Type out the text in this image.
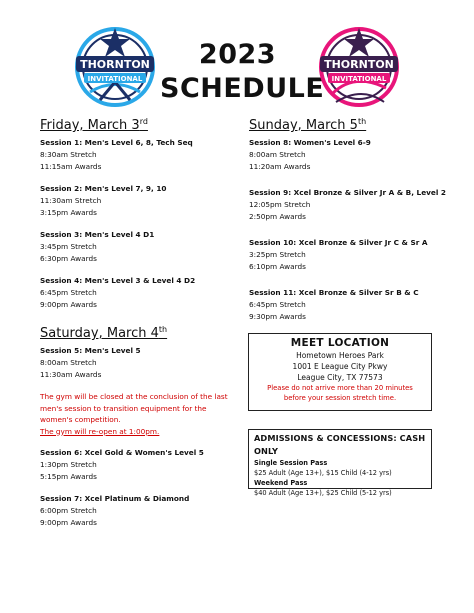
THORNTON
INVITATIONAL
2023
SCHEDULE
THORNTON
INVITATIONAL
Friday, March 3rd
Session 1: Men's Level 6, 8, Tech Seq
8:30am Stretch
11:15am Awards
Session 2: Men's Level 7, 9, 10
11:30am Stretch
3:15pm Awards
Session 3: Men's Level 4 D1
3:45pm Stretch
6:30pm Awards
Session 4: Men's Level 3 & Level 4 D2
6:45pm Stretch
9:00pm Awards
Saturday, March 4th
Session 5: Men's Level 5
8:00am Stretch
11:30am Awards
The gym will be closed at the conclusion of the last
men's session to transition equipment for the
women's competition.
The gym will re-open at 1:00pm.
Session 6: Xcel Gold & Women's Level 5
1:30pm Stretch
5:15pm Awards
Session 7: Xcel Platinum & Diamond
6:00pm Stretch
9:00pm Awards
Sunday, March 5th
Session 8: Women's Level 6-9
8:00am Stretch
11:20am Awards
Session 9: Xcel Bronze & Silver Jr A & B, Level 2
12:05pm Stretch
2:50pm Awards
Session 10: Xcel Bronze & Silver Jr C & Sr A
3:25pm Stretch
6:10pm Awards
Session 11: Xcel Bronze & Silver Sr B & C
6:45pm Stretch
9:30pm Awards
MEET LOCATION
Hometown Heroes Park
1001 E League City Pkwy
League City, TX 77573
Please do not arrive more than 20 minutes
before your session stretch time.
ADMISSIONS & CONCESSIONS: CASH ONLY
Single Session Pass
$25 Adult (Age 13+), $15 Child (4-12 yrs)
Weekend Pass
$40 Adult (Age 13+), $25 Child (5-12 yrs)
